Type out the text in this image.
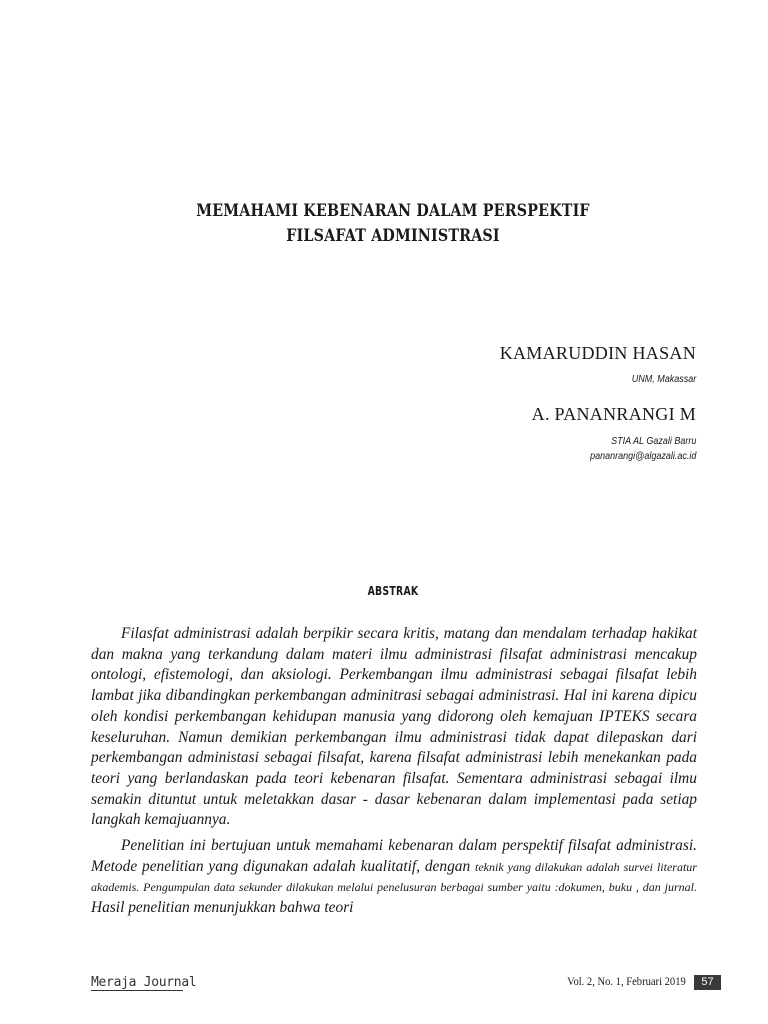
MEMAHAMI KEBENARAN DALAM PERSPEKTIF
FILSAFAT ADMINISTRASI
KAMARUDDIN HASAN
UNM, Makassar
A. PANANRANGI M
STIA AL Gazali Barru
pananrangi@algazali.ac.id
ABSTRAK

Filasfat administrasi adalah berpikir secara kritis, matang dan mendalam terhadap hakikat dan makna yang terkandung dalam materi ilmu administrasi filsafat administrasi mencakup ontologi, efistemologi, dan aksiologi. Perkembangan ilmu administrasi sebagai filsafat lebih lambat jika dibandingkan perkembangan adminitrasi sebagai administrasi. Hal ini karena dipicu oleh kondisi perkembangan kehidupan manusia yang didorong oleh kemajuan IPTEKS secara keseluruhan. Namun demikian perkembangan ilmu administrasi tidak dapat dilepaskan dari perkembangan administasi sebagai filsafat, karena filsafat administrasi lebih menekankan pada teori yang berlandaskan pada teori kebenaran filsafat. Sementara administrasi sebagai ilmu semakin dituntut untuk meletakkan dasar - dasar kebenaran dalam implementasi pada setiap langkah kemajuannya.

Penelitian ini bertujuan untuk memahami kebenaran dalam perspektif filsafat administrasi. Metode penelitian yang digunakan adalah kualitatif, dengan teknik yang dilakukan adalah survei literatur akademis. Pengumpulan data sekunder dilakukan melalui penelusuran berbagai sumber yaitu :dokumen, buku , dan jurnal. Hasil penelitian menunjukkan bahwa teori

Meraja Journal	Vol. 2, No. 1, Februari 2019	57
